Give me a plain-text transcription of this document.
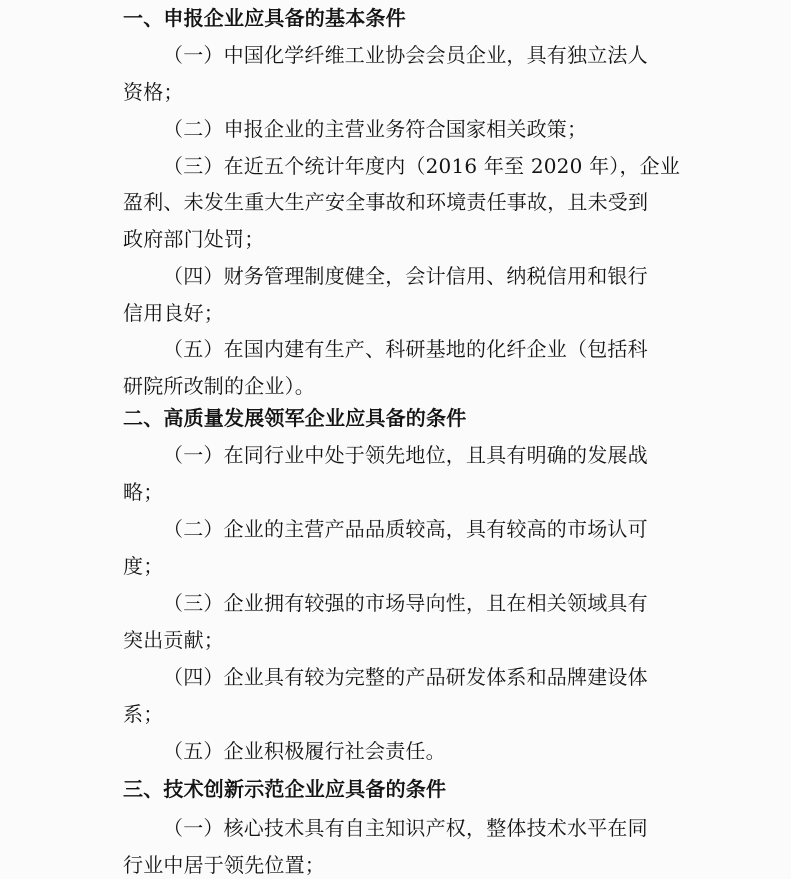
一、申报企业应具备的基本条件
（一）中国化学纤维工业协会会员企业，具有独立法人
资格；
（二）申报企业的主营业务符合国家相关政策；
（三）在近五个统计年度内（2016 年至 2020 年），企业
盈利、未发生重大生产安全事故和环境责任事故，且未受到
政府部门处罚；
（四）财务管理制度健全，会计信用、纳税信用和银行
信用良好；
（五）在国内建有生产、科研基地的化纤企业（包括科
研院所改制的企业）。
二、高质量发展领军企业应具备的条件
（一）在同行业中处于领先地位，且具有明确的发展战
略；
（二）企业的主营产品品质较高，具有较高的市场认可
度；
（三）企业拥有较强的市场导向性，且在相关领域具有
突出贡献；
（四）企业具有较为完整的产品研发体系和品牌建设体
系；
（五）企业积极履行社会责任。
三、技术创新示范企业应具备的条件
（一）核心技术具有自主知识产权，整体技术水平在同
行业中居于领先位置；
